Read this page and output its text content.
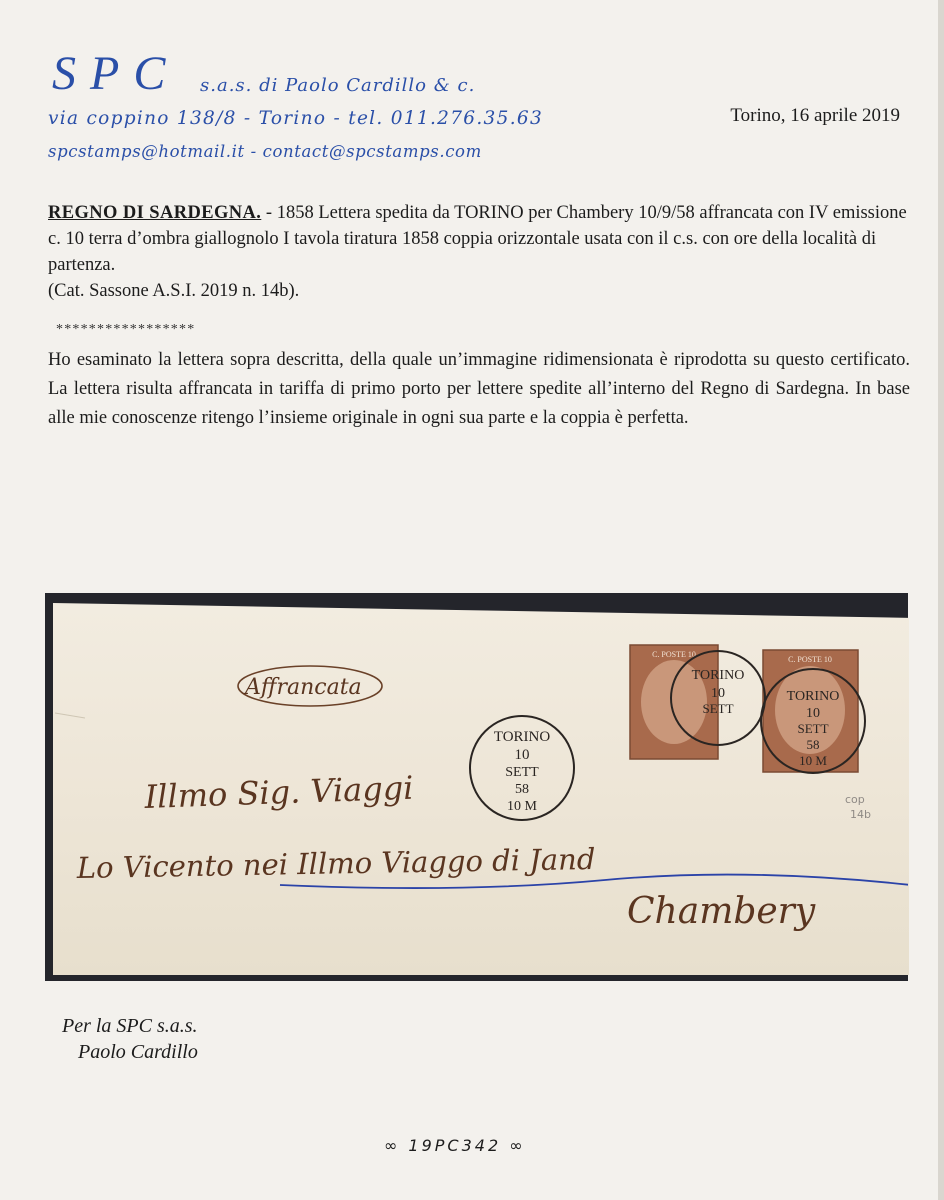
SPC s.a.s. di Paolo Cardillo & c.
via coppino 138/8 - Torino - tel. 011.276.35.63
spcstamps@hotmail.it - contact@spcstamps.com
Torino, 16 aprile 2019
REGNO DI SARDEGNA. - 1858 Lettera spedita da TORINO per Chambery 10/9/58 affrancata con IV emissione c. 10 terra d’ombra giallognolo I tavola tiratura 1858 coppia orizzontale usata con il c.s. con ore della località di partenza.
(Cat. Sassone A.S.I. 2019 n. 14b).
*****************
Ho esaminato la lettera sopra descritta, della quale un’immagine ridimensionata è riprodotta su questo certificato. La lettera risulta affrancata in tariffa di primo porto per lettere spedite all’interno del Regno di Sardegna. In base alle mie conoscenze ritengo l’insieme originale in ogni sua parte e la coppia è perfetta.
Affrancata
Illmo Sig. Viaggi
Lo Vicento nei Illmo Viaggo di Jand
Chambery
TORINO
10
SETT
58
10 M
C. POSTE 10
C. POSTE 10
TORINO
10
SETT
TORINO
10
SETT
58
10 M
cop
14b
Per la SPC s.a.s.
Paolo Cardillo
∞ 19PC342 ∞
